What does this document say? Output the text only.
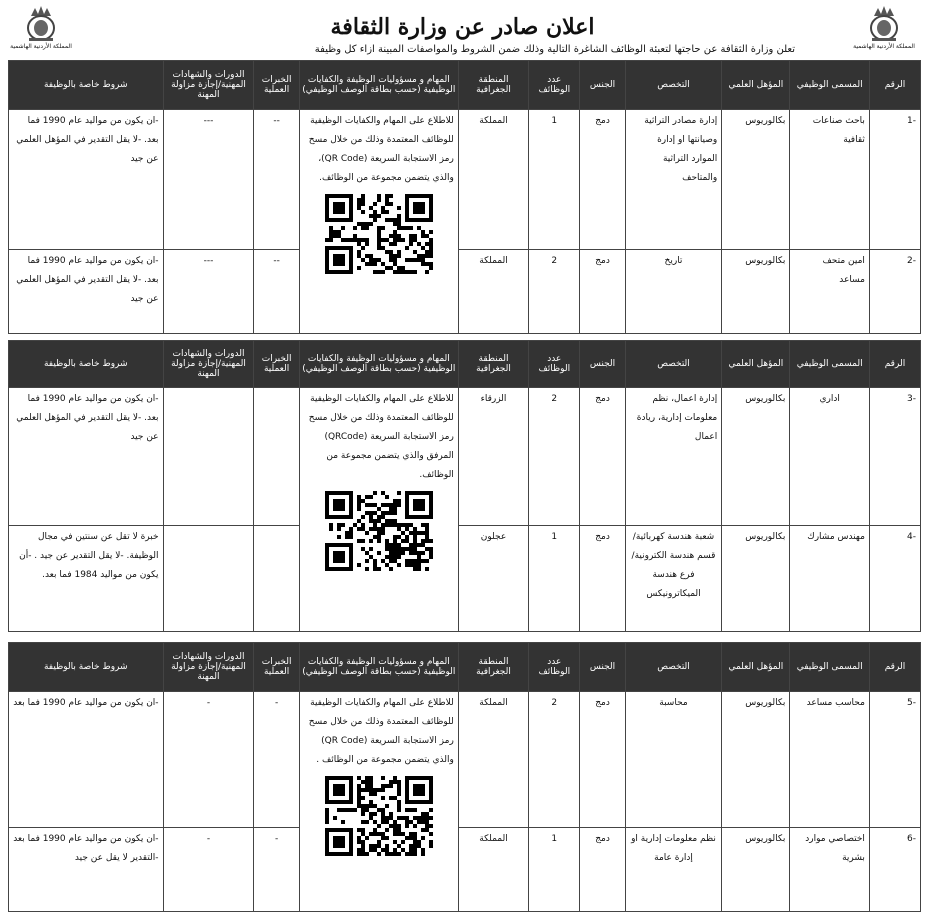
المملكة الأردنية الهاشمية
المملكة الأردنية الهاشمية
اعلان صادر عن وزارة الثقافة
تعلن وزارة الثقافة عن حاجتها لتعبئة الوظائف الشاغرة التالية وذلك ضمن الشروط والمواصفات المبينة ازاء كل وظيفة
الرقم	المسمى الوظيفي	المؤهل العلمي	التخصص	الجنس	عدد الوظائف	المنطقة الجغرافية	المهام و مسؤوليات الوظيفة والكفايات الوظيفية (حسب بطاقة الوصف الوظيفي)	الخبرات العملية	الدورات والشهادات المهنية/إجازة مزاولة المهنة	شروط خاصة بالوظيفة
-1	باحث صناعات ثقافية	بكالوريوس	إدارة مصادر التراثية وصيانتها او إدارة الموارد التراثية والمتاحف	دمج	1	المملكة	للاطلاع على المهام والكفايات الوظيفية للوظائف المعتمدة وذلك من خلال مسح رمز الاستجابة السريعة (QR Code)، والذي يتضمن مجموعة من الوظائف.	--	---	-ان يكون من مواليد عام 1990 فما بعد. -لا يقل التقدير في المؤهل العلمي عن جيد
-2	امين متحف مساعد	بكالوريوس	تاريخ	دمج	2	المملكة		--	---	-ان يكون من مواليد عام 1990 فما بعد. -لا يقل التقدير في المؤهل العلمي عن جيد
الرقم	المسمى الوظيفي	المؤهل العلمي	التخصص	الجنس	عدد الوظائف	المنطقة الجغرافية	المهام و مسؤوليات الوظيفة والكفايات الوظيفية (حسب بطاقة الوصف الوظيفي)	الخبرات العملية	الدورات والشهادات المهنية/إجازة مزاولة المهنة	شروط خاصة بالوظيفة
-3	اداري	بكالوريوس	إدارة اعمال، نظم معلومات إدارية، ريادة اعمال	دمج	2	الزرقاء	للاطلاع على المهام والكفايات الوظيفية للوظائف المعتمدة وذلك من خلال مسح رمز الاستجابة السريعة (QRCode) المرفق والذي يتضمن مجموعة من الوظائف.			-ان يكون من مواليد عام 1990 فما بعد. -لا يقل التقدير في المؤهل العلمي عن جيد
-4	مهندس مشارك	بكالوريوس	شعبة هندسة كهربائية/ قسم هندسة الكترونية/فرع هندسة الميكاترونيكس	دمج	1	عجلون				خبرة لا تقل عن سنتين في مجال الوظيفة. -لا يقل التقدير عن جيد . -أن يكون من مواليد 1984 فما بعد.
الرقم	المسمى الوظيفي	المؤهل العلمي	التخصص	الجنس	عدد الوظائف	المنطقة الجغرافية	المهام و مسؤوليات الوظيفة والكفايات الوظيفية (حسب بطاقة الوصف الوظيفي)	الخبرات العملية	الدورات والشهادات المهنية/إجازة مزاولة المهنة	شروط خاصة بالوظيفة
-5	محاسب مساعد	بكالوريوس	محاسبة	دمج	2	المملكة	للاطلاع على المهام والكفايات الوظيفية للوظائف المعتمدة وذلك من خلال مسح رمز الاستجابة السريعة (QR Code) والذي يتضمن مجموعة من الوظائف .	-	-	-ان يكون من مواليد عام 1990 فما بعد
-6	اختصاصي موارد بشرية	بكالوريوس	نظم معلومات إدارية او إدارة عامة	دمج	1	المملكة		-	-	-ان يكون من مواليد عام 1990 فما بعد -التقدير لا يقل عن جيد
